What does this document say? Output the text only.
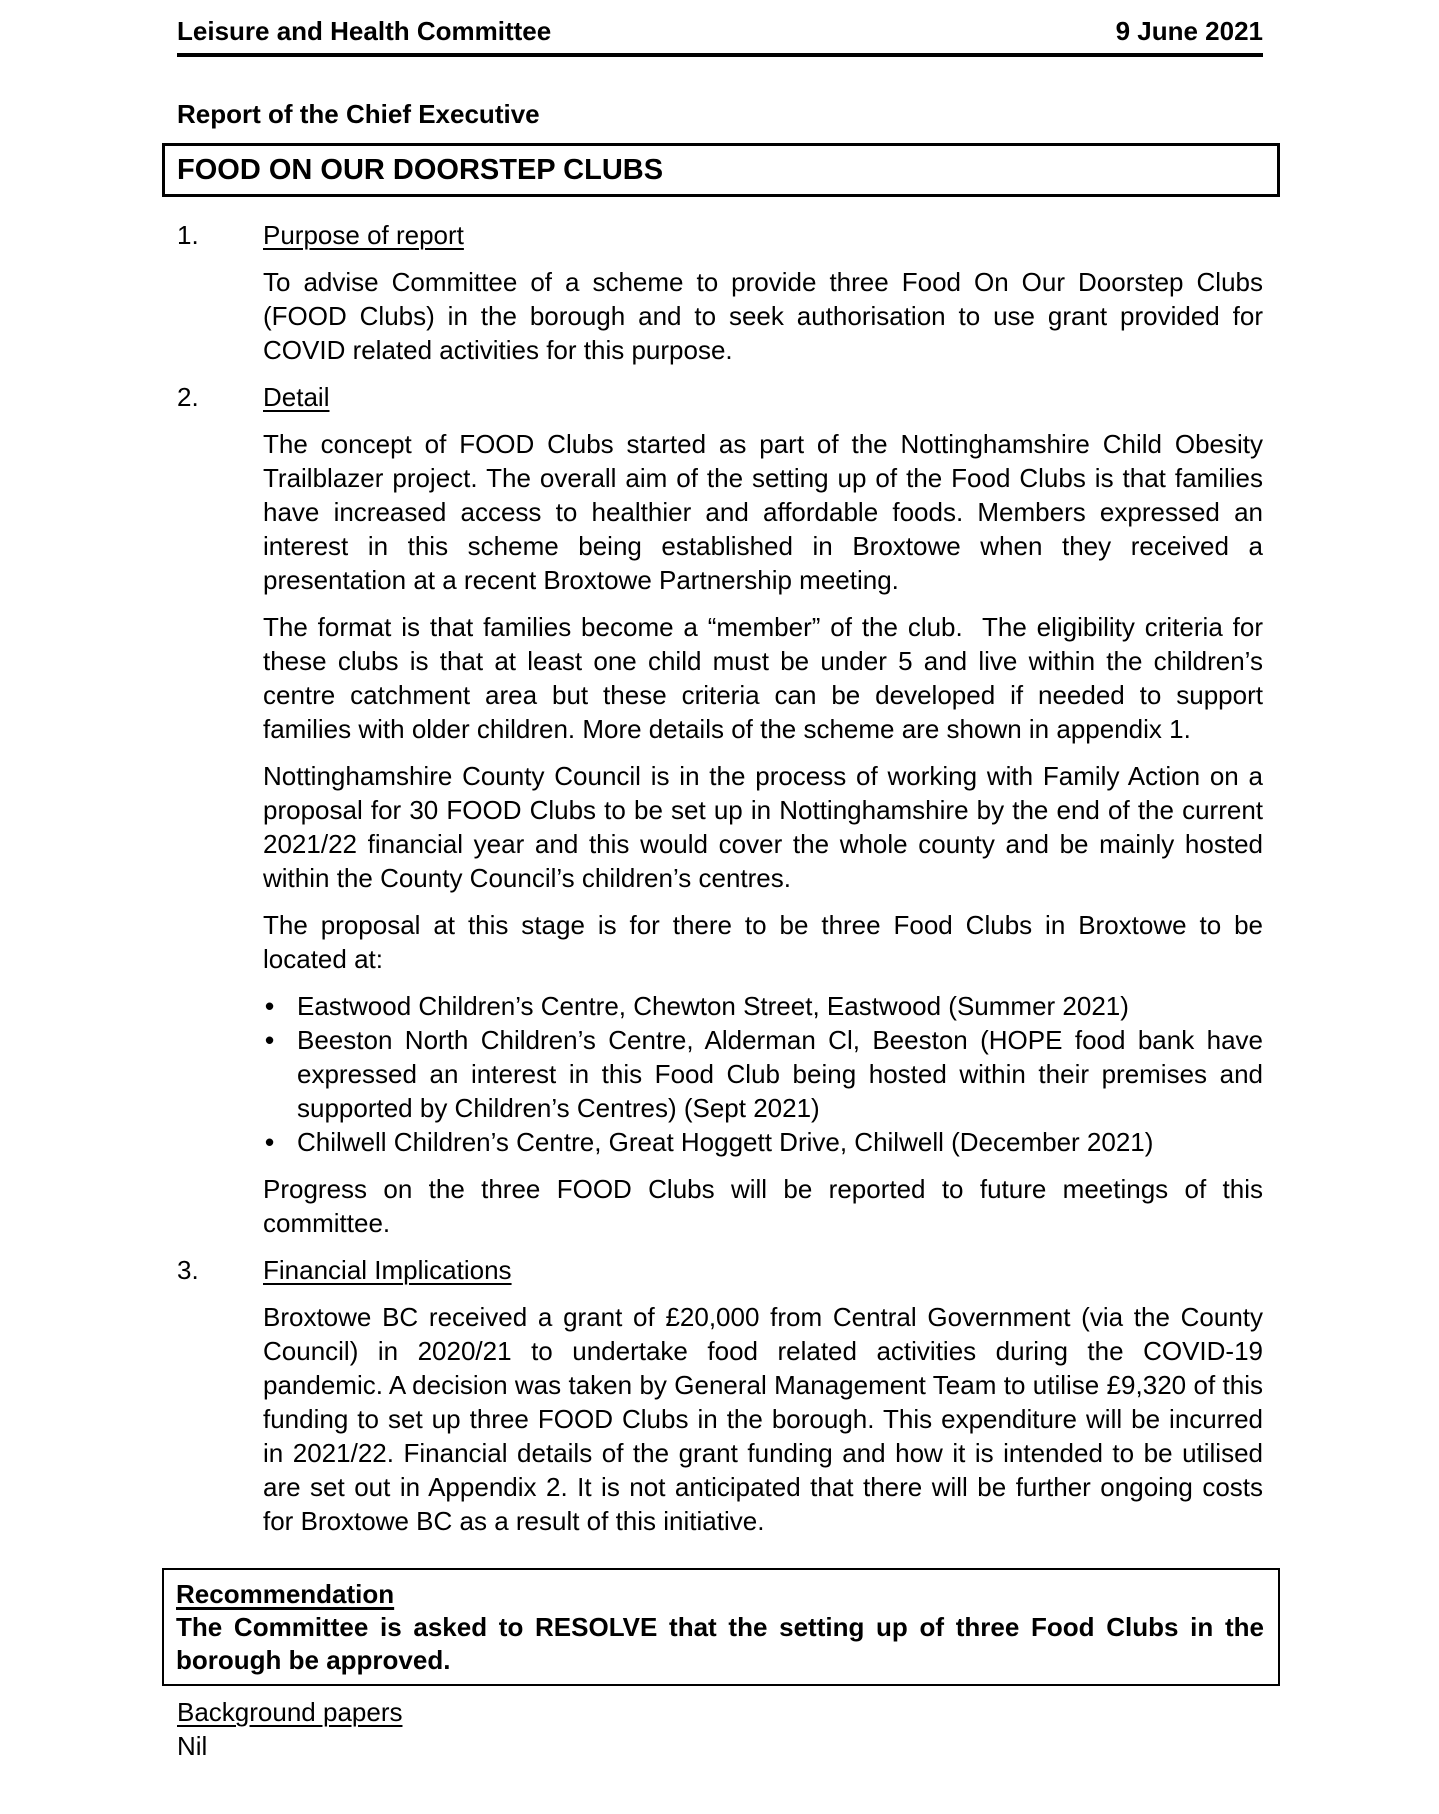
Leisure and Health Committee	9 June 2021
Report of the Chief Executive
FOOD ON OUR DOORSTEP CLUBS
1.	Purpose of report

To advise Committee of a scheme to provide three Food On Our Doorstep Clubs (FOOD Clubs) in the borough and to seek authorisation to use grant provided for COVID related activities for this purpose.

2.	Detail

The concept of FOOD Clubs started as part of the Nottinghamshire Child Obesity Trailblazer project. The overall aim of the setting up of the Food Clubs is that families have increased access to healthier and affordable foods. Members expressed an interest in this scheme being established in Broxtowe when they received a presentation at a recent Broxtowe Partnership meeting.

The format is that families become a “member” of the club.  The eligibility criteria for these clubs is that at least one child must be under 5 and live within the children’s centre catchment area but these criteria can be developed if needed to support families with older children. More details of the scheme are shown in appendix 1.

Nottinghamshire County Council is in the process of working with Family Action on a proposal for 30 FOOD Clubs to be set up in Nottinghamshire by the end of the current 2021/22 financial year and this would cover the whole county and be mainly hosted within the County Council’s children’s centres.

The proposal at this stage is for there to be three Food Clubs in Broxtowe to be located at:

• Eastwood Children’s Centre, Chewton Street, Eastwood (Summer 2021)
• Beeston North Children’s Centre, Alderman Cl, Beeston (HOPE food bank have expressed an interest in this Food Club being hosted within their premises and supported by Children’s Centres) (Sept 2021)
• Chilwell Children’s Centre, Great Hoggett Drive, Chilwell (December 2021)

Progress on the three FOOD Clubs will be reported to future meetings of this committee.

3.	Financial Implications

Broxtowe BC received a grant of £20,000 from Central Government (via the County Council) in 2020/21 to undertake food related activities during the COVID-19 pandemic. A decision was taken by General Management Team to utilise £9,320 of this funding to set up three FOOD Clubs in the borough. This expenditure will be incurred in 2021/22. Financial details of the grant funding and how it is intended to be utilised are set out in Appendix 2. It is not anticipated that there will be further ongoing costs for Broxtowe BC as a result of this initiative.

Recommendation
The Committee is asked to RESOLVE that the setting up of three Food Clubs in the borough be approved.
Background papers
Nil
